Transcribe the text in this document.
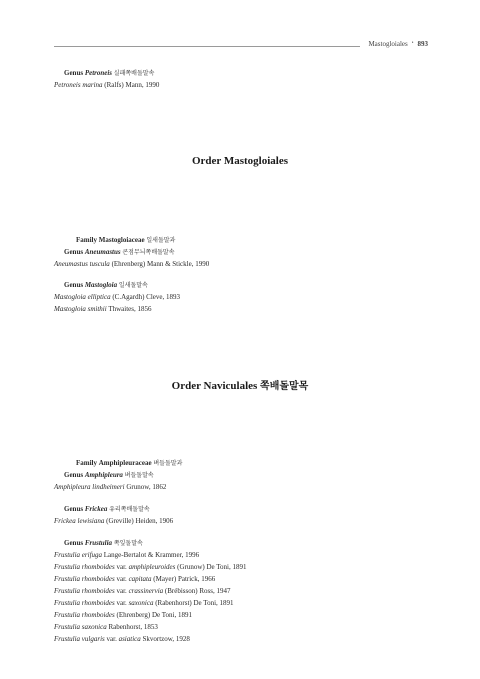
Mastogloiales • 893
Genus Petroneis 실패쪽배돌말속
Petroneis marina (Ralfs) Mann, 1990
Order Mastogloiales
Family Mastogloiaceae 일새돌말과
Genus Aneumastus 콘점무늬쪽배돌말속
Aneumastus tuscula (Ehrenberg) Mann & Stickle, 1990
Genus Mastogloia 일새돌말속
Mastogloia elliptica (C.Agardh) Cleve, 1893
Mastogloia smithii Thwaites, 1856
Order Naviculales 쪽배돌말목
Family Amphipleuraceae 벼들돌말과
Genus Amphipleura 벼들돌말속
Amphipleura lindheimeri Grunow, 1862
Genus Frickea 유리쪽배돌말속
Frickea lewisiana (Greville) Heiden, 1906
Genus Frustulia 쪽잎돌말속
Frustulia erifuga Lange-Bertalot & Krammer, 1996
Frustulia rhomboides var. amphipleuroides (Grunow) De Toni, 1891
Frustulia rhomboides var. capitata (Mayer) Patrick, 1966
Frustulia rhomboides var. crassinervia (Brébisson) Ross, 1947
Frustulia rhomboides var. saxonica (Rabenhorst) De Toni, 1891
Frustulia rhomboides (Ehrenberg) De Toni, 1891
Frustulia saxonica Rabenhorst, 1853
Frustulia vulgaris var. asiatica Skvortzow, 1928
